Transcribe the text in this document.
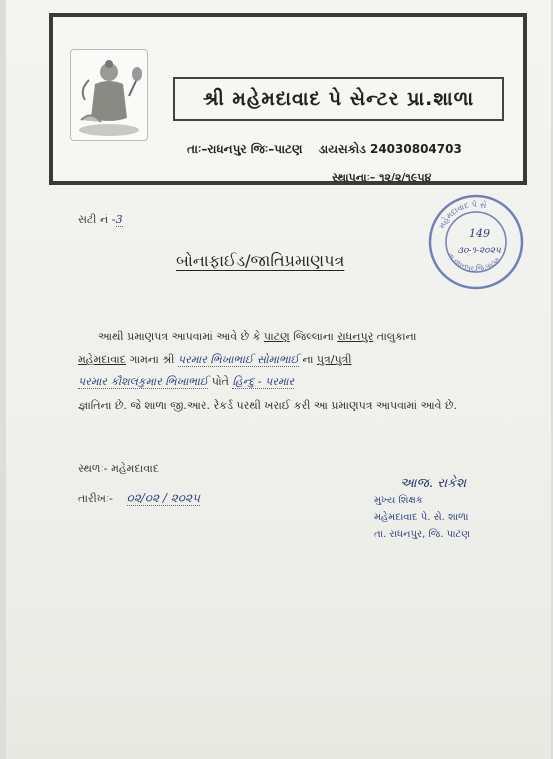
શ્રી મહેમદાવાદ પે સેન્ટર પ્રા.શાળા
તાઃ–રાધનપુર જિઃ–પાટણ ડાયસકોડ 24030804703
સ્થાપનાઃ– ૧૨/૨/૧૯૫૪
સટી નં -3	મહેમદાવાદ પે સે
તા.રાધનપુર,જિ.પાટણ
149
૩૦-૧-૨૦૨૫
બોનાફાઈડ/જાતિપ્રમાણપત્ર
આથી પ્રમાણપત્ર આપવામાં આવે છે કે પાટણ જિલ્લાના રાધનપુર તાલુકાના
મહેમદાવાદ ગામના શ્રી પરમાર ભિખાભાઈ સોમાભાઈ ના પુત્ર/પુત્રી
પરમાર કૌશલકુમાર ભિખાભાઈ પોતે હિન્દુ - પરમાર
જ્ઞાતિના છે. જે શાળા જી.આર. રેકર્ડ પરથી ખરાઈ કરી આ પ્રમાણપત્ર આપવામાં આવે છે.
સ્થળઃ- મહેમદાવાદ
તારીખઃ- ૦૨/૦૨ / ૨૦૨૫
આજ. રાકેશ
મુખ્ય શિક્ષક
મહેમદાવાદ પે. સે. શાળા
તા. રાધનપુર, જિ. પાટણ
